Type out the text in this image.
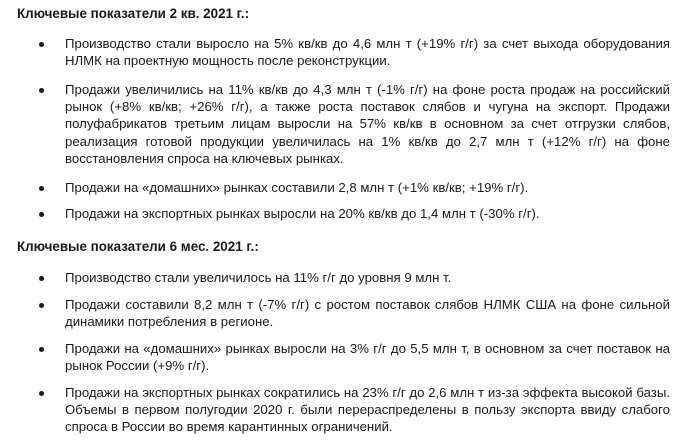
Ключевые показатели 2 кв. 2021 г.:

Производство стали выросло на 5% кв/кв до 4,6 млн т (+19% г/г) за счет выхода оборудования НЛМК на проектную мощность после реконструкции.

Продажи увеличились на 11% кв/кв до 4,3 млн т (-1% г/г) на фоне роста продаж на российский рынок (+8% кв/кв; +26% г/г), а также роста поставок слябов и чугуна на экспорт. Продажи полуфабрикатов третьим лицам выросли на 57% кв/кв в основном за счет отгрузки слябов, реализация готовой продукции увеличилась на 1% кв/кв до 2,7 млн т (+12% г/г) на фоне восстановления спроса на ключевых рынках.

Продажи на «домашних» рынках составили 2,8 млн т (+1% кв/кв; +19% г/г).

Продажи на экспортных рынках выросли на 20% кв/кв до 1,4 млн т (-30% г/г).

Ключевые показатели 6 мес. 2021 г.:

Производство стали увеличилось на 11% г/г до уровня 9 млн т.

Продажи составили 8,2 млн т (-7% г/г) с ростом поставок слябов НЛМК США на фоне сильной динамики потребления в регионе.

Продажи на «домашних» рынках выросли на 3% г/г до 5,5 млн т, в основном за счет поставок на рынок России (+9% г/г).

Продажи на экспортных рынках сократились на 23% г/г до 2,6 млн т из-за эффекта высокой базы. Объемы в первом полугодии 2020 г. были перераспределены в пользу экспорта ввиду слабого спроса в России во время карантинных ограничений.
